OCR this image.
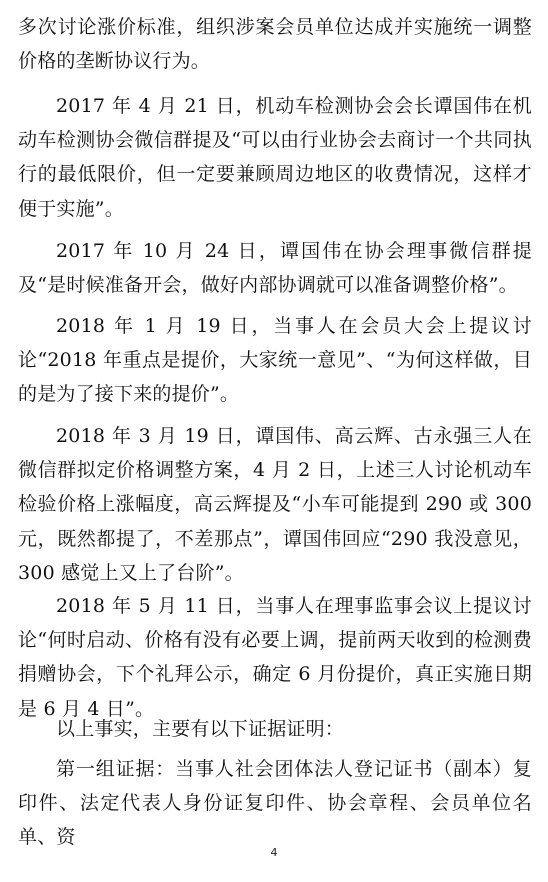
多次讨论涨价标准，组织涉案会员单位达成并实施统一调整价格的垄断协议行为。

2017 年 4 月 21 日，机动车检测协会会长谭国伟在机动车检测协会微信群提及“可以由行业协会去商讨一个共同执行的最低限价，但一定要兼顾周边地区的收费情况，这样才便于实施”。

2017 年 10 月 24 日，谭国伟在协会理事微信群提及“是时候准备开会，做好内部协调就可以准备调整价格”。

2018 年 1 月 19 日，当事人在会员大会上提议讨论“2018 年重点是提价，大家统一意见”、“为何这样做，目的是为了接下来的提价”。

2018 年 3 月 19 日，谭国伟、高云辉、古永强三人在微信群拟定价格调整方案，4 月 2 日，上述三人讨论机动车检验价格上涨幅度，高云辉提及“小车可能提到 290 或 300 元，既然都提了，不差那点”，谭国伟回应“290 我没意见，300 感觉上又上了台阶”。

2018 年 5 月 11 日，当事人在理事监事会议上提议讨论“何时启动、价格有没有必要上调，提前两天收到的检测费捐赠协会，下个礼拜公示，确定 6 月份提价，真正实施日期是 6 月 4 日”。

以上事实，主要有以下证据证明：

第一组证据：当事人社会团体法人登记证书（副本）复印件、法定代表人身份证复印件、协会章程、会员单位名单、资

4
